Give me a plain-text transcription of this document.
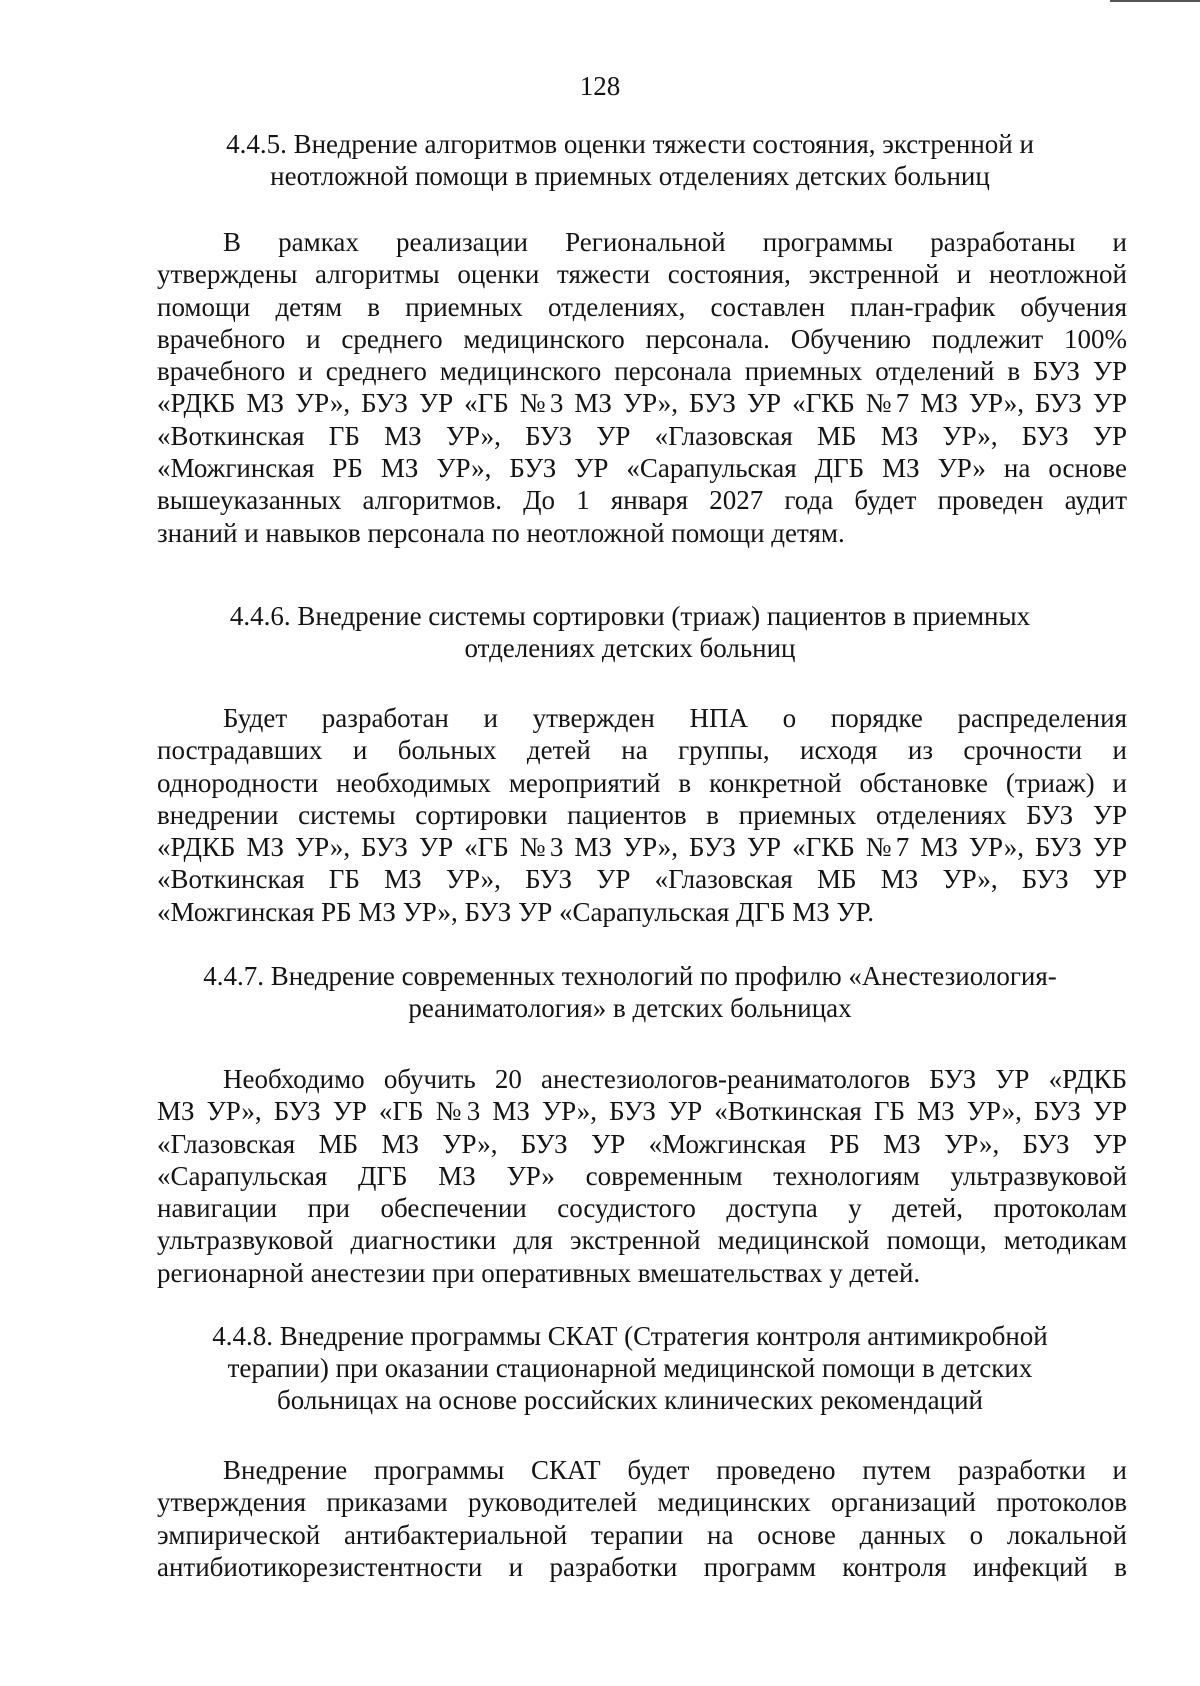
128
4.4.5. Внедрение алгоритмов оценки тяжести состояния, экстренной и
неотложной помощи в приемных отделениях детских больниц
В рамках реализации Региональной программы разработаны и
утверждены алгоритмы оценки тяжести состояния, экстренной и неотложной
помощи детям в приемных отделениях, составлен план-график обучения
врачебного и среднего медицинского персонала. Обучению подлежит 100%
врачебного и среднего медицинского персонала приемных отделений в БУЗ УР
«РДКБ МЗ УР», БУЗ УР «ГБ №3 МЗ УР», БУЗ УР «ГКБ №7 МЗ УР», БУЗ УР
«Воткинская ГБ МЗ УР», БУЗ УР «Глазовская МБ МЗ УР», БУЗ УР
«Можгинская РБ МЗ УР», БУЗ УР «Сарапульская ДГБ МЗ УР» на основе
вышеуказанных алгоритмов. До 1 января 2027 года будет проведен аудит
знаний и навыков персонала по неотложной помощи детям.
4.4.6. Внедрение системы сортировки (триаж) пациентов в приемных
отделениях детских больниц
Будет разработан и утвержден НПА о порядке распределения
пострадавших и больных детей на группы, исходя из срочности и
однородности необходимых мероприятий в конкретной обстановке (триаж) и
внедрении системы сортировки пациентов в приемных отделениях БУЗ УР
«РДКБ МЗ УР», БУЗ УР «ГБ №3 МЗ УР», БУЗ УР «ГКБ №7 МЗ УР», БУЗ УР
«Воткинская ГБ МЗ УР», БУЗ УР «Глазовская МБ МЗ УР», БУЗ УР
«Можгинская РБ МЗ УР», БУЗ УР «Сарапульская ДГБ МЗ УР.
4.4.7. Внедрение современных технологий по профилю «Анестезиология-
реаниматология» в детских больницах
Необходимо обучить 20 анестезиологов-реаниматологов БУЗ УР «РДКБ
МЗ УР», БУЗ УР «ГБ №3 МЗ УР», БУЗ УР «Воткинская ГБ МЗ УР», БУЗ УР
«Глазовская МБ МЗ УР», БУЗ УР «Можгинская РБ МЗ УР», БУЗ УР
«Сарапульская ДГБ МЗ УР» современным технологиям ультразвуковой
навигации при обеспечении сосудистого доступа у детей, протоколам
ультразвуковой диагностики для экстренной медицинской помощи, методикам
регионарной анестезии при оперативных вмешательствах у детей.
4.4.8. Внедрение программы СКАТ (Стратегия контроля антимикробной
терапии) при оказании стационарной медицинской помощи в детских
больницах на основе российских клинических рекомендаций
Внедрение программы СКАТ будет проведено путем разработки и
утверждения приказами руководителей медицинских организаций протоколов
эмпирической антибактериальной терапии на основе данных о локальной
антибиотикорезистентности и разработки программ контроля инфекций в
